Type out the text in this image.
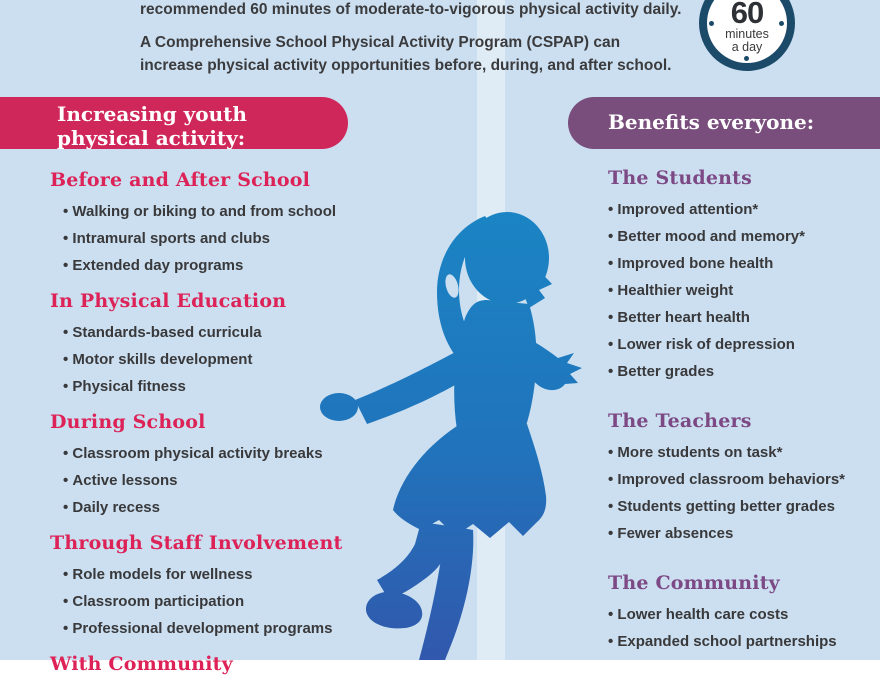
recommended 60 minutes of moderate-to-vigorous physical activity daily.
A Comprehensive School Physical Activity Program (CSPAP) can
increase physical activity opportunities before, during, and after school.
60
minutes
a day
Increasing youth
physical activity:
Benefits everyone:
Before and After School
• Walking or biking to and from school
• Intramural sports and clubs
• Extended day programs
In Physical Education
• Standards-based curricula
• Motor skills development
• Physical fitness
During School
• Classroom physical activity breaks
• Active lessons
• Daily recess
Through Staff Involvement
• Role models for wellness
• Classroom participation
• Professional development programs
With Community
The Students
• Improved attention*
• Better mood and memory*
• Improved bone health
• Healthier weight
• Better heart health
• Lower risk of depression
• Better grades
The Teachers
• More students on task*
• Improved classroom behaviors*
• Students getting better grades
• Fewer absences
The Community
• Lower health care costs
• Expanded school partnerships
